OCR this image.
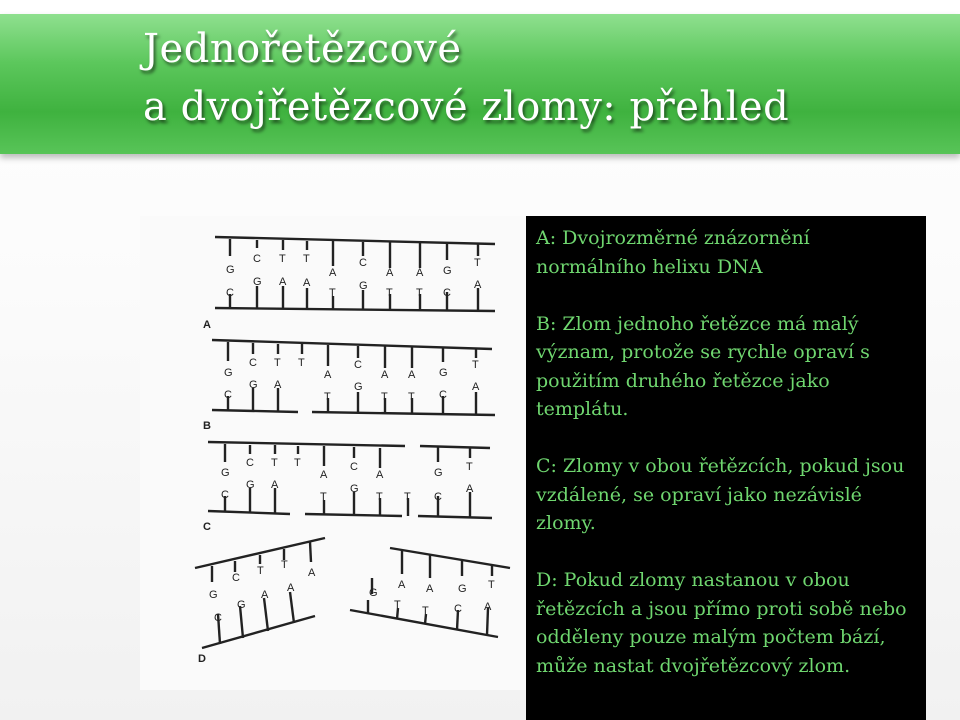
Jednořetězcové
a dvojřetězcové zlomy: přehled
G
C
C
G
T
A
T
A
A
T
C
G
A
T
A
T
G
C
T
A
A
G
C
C
G
T
A
T
A
T
C
G
A
T
A
T
G
C
T
A
B
G
C
C
G
T
A
T
A
T
C
G
A
T T
G
C
T
A
C
G
C
C
G
T
A
T
A
A
G
A
T
A
T
G
C
T
A
D

A: Dvojrozměrné znázornění normálního helixu DNA

B: Zlom jednoho řetězce má malý význam, protože se rychle opraví s použitím druhého řetězce jako templátu.

C: Zlomy v obou řetězcích, pokud jsou vzdálené, se opraví jako nezávislé zlomy.

D: Pokud zlomy nastanou v obou řetězcích a jsou přímo proti sobě nebo odděleny pouze malým počtem bází, může nastat dvojřetězcový zlom.
